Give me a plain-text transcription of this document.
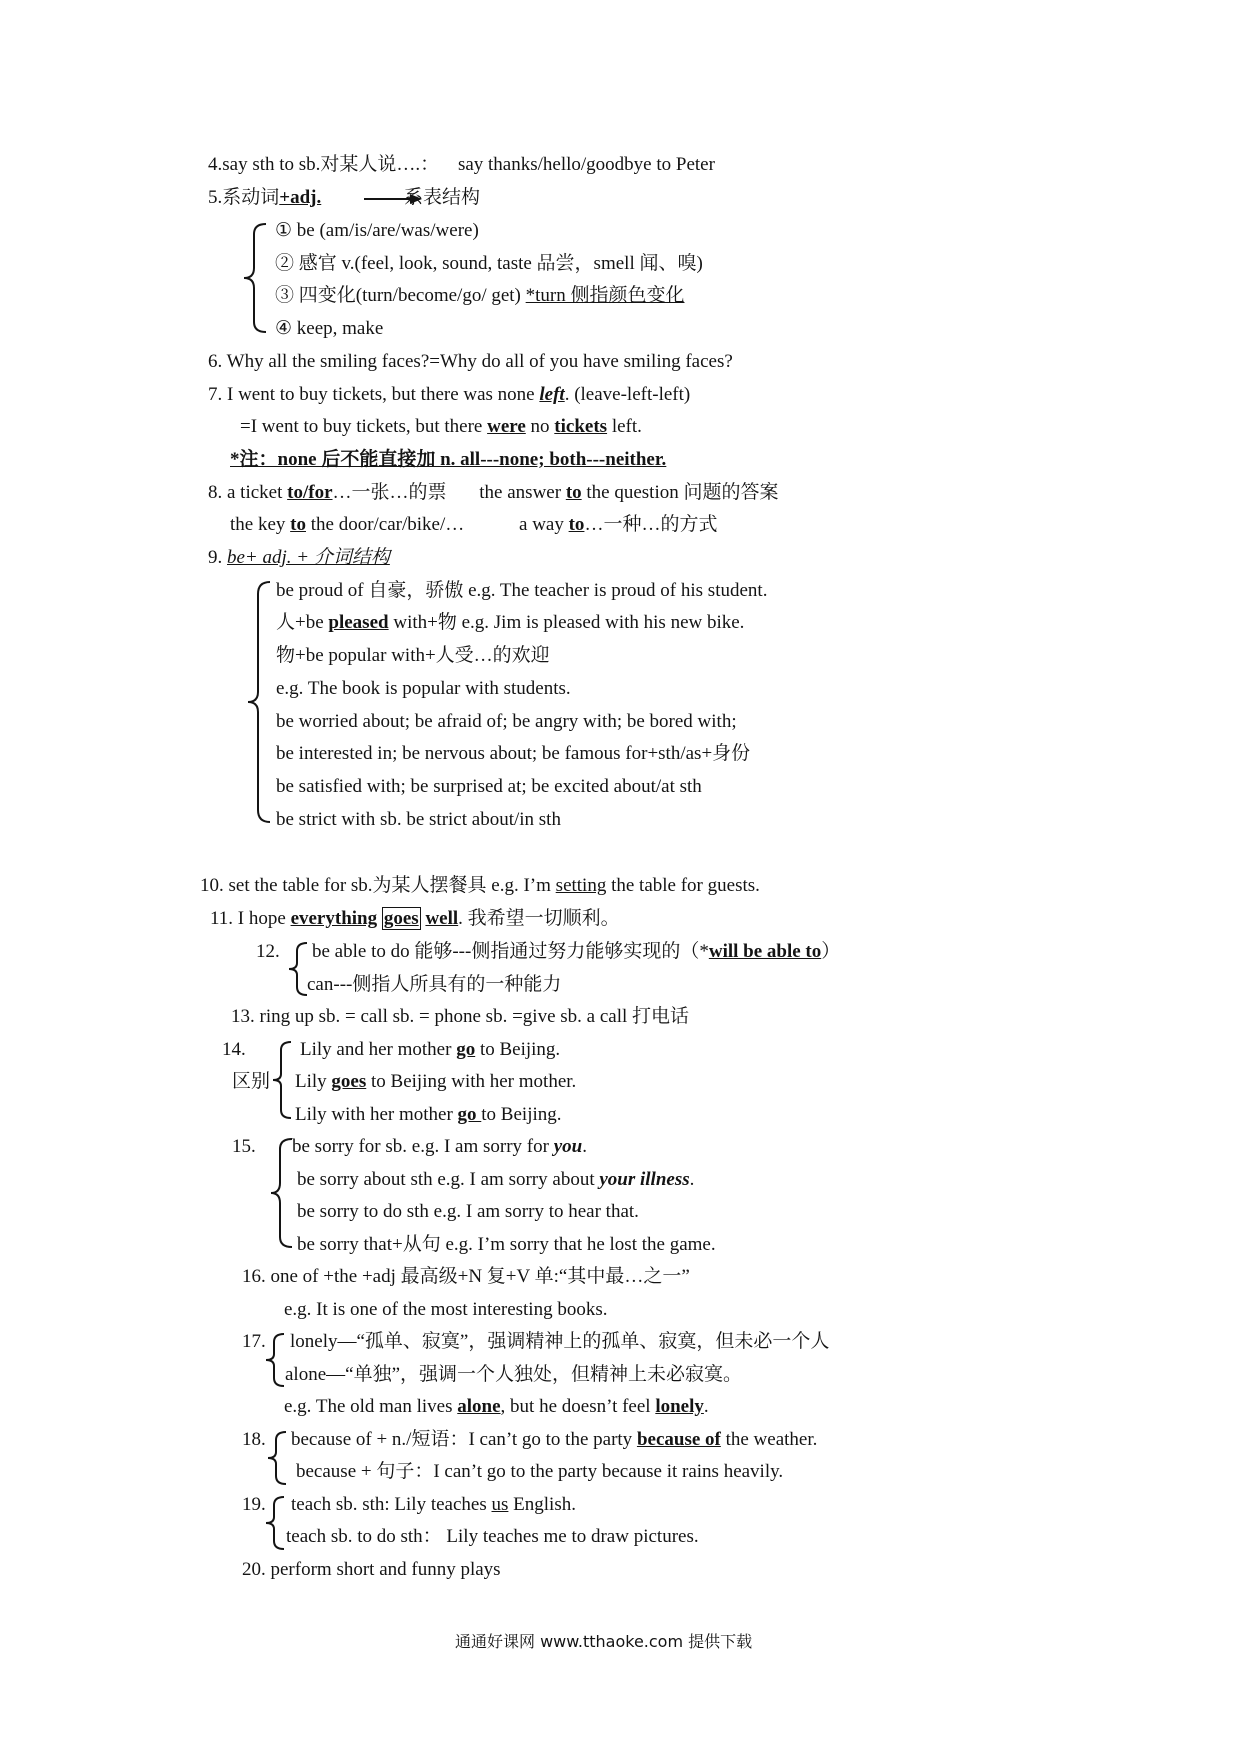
4.say sth to sb.对某人说….： say thanks/hello/goodbye to Peter
5.系动词+adj.	系表结构
① be (am/is/are/was/were)
② 感官 v.(feel, look, sound, taste 品尝，smell 闻、嗅)
③ 四变化(turn/become/go/ get) *turn 侧指颜色变化
④ keep, make
6. Why all the smiling faces?=Why do all of you have smiling faces?
7. I went to buy tickets, but there was none left. (leave-left-left)
=I went to buy tickets, but there were no tickets left.
*注：none 后不能直接加 n. all---none; both---neither.
8. a ticket to/for…一张…的票 the answer to the question 问题的答案
the key to the door/car/bike/…	a way to…一种…的方式
9. be+ adj. + 介词结构
be proud of 自豪，骄傲 e.g. The teacher is proud of his student.
人+be pleased with+物 e.g. Jim is pleased with his new bike.
物+be popular with+人受…的欢迎
e.g. The book is popular with students.
be worried about; be afraid of; be angry with; be bored with;
be interested in; be nervous about; be famous for+sth/as+身份
be satisfied with; be surprised at; be excited about/at sth
be strict with sb. be strict about/in sth
10. set the table for sb.为某人摆餐具 e.g. I’m setting the table for guests.
11. I hope everything goes well. 我希望一切顺利。
12. be able to do 能够---侧指通过努力能够实现的（*will be able to）
can---侧指人所具有的一种能力
13. ring up sb. = call sb. = phone sb. =give sb. a call 打电话
14.
区别
Lily and her mother go to Beijing.
Lily goes to Beijing with her mother.
Lily with her mother go to Beijing.
15. be sorry for sb. e.g. I am sorry for you.
be sorry about sth e.g. I am sorry about your illness.
be sorry to do sth e.g. I am sorry to hear that.
be sorry that+从句 e.g. I’m sorry that he lost the game.
16. one of +the +adj 最高级+N 复+V 单:“其中最…之一”
e.g. It is one of the most interesting books.
17. lonely—“孤单、寂寞”，强调精神上的孤单、寂寞，但未必一个人
alone—“单独”，强调一个人独处，但精神上未必寂寞。
e.g. The old man lives alone, but he doesn’t feel lonely.
18. because of + n./短语：I can’t go to the party because of the weather.
because + 句子：I can’t go to the party because it rains heavily.
19. teach sb. sth: Lily teaches us English.
teach sb. to do sth： Lily teaches me to draw pictures.
20. perform short and funny plays
通通好课网 www.tthaoke.com 提供下载
